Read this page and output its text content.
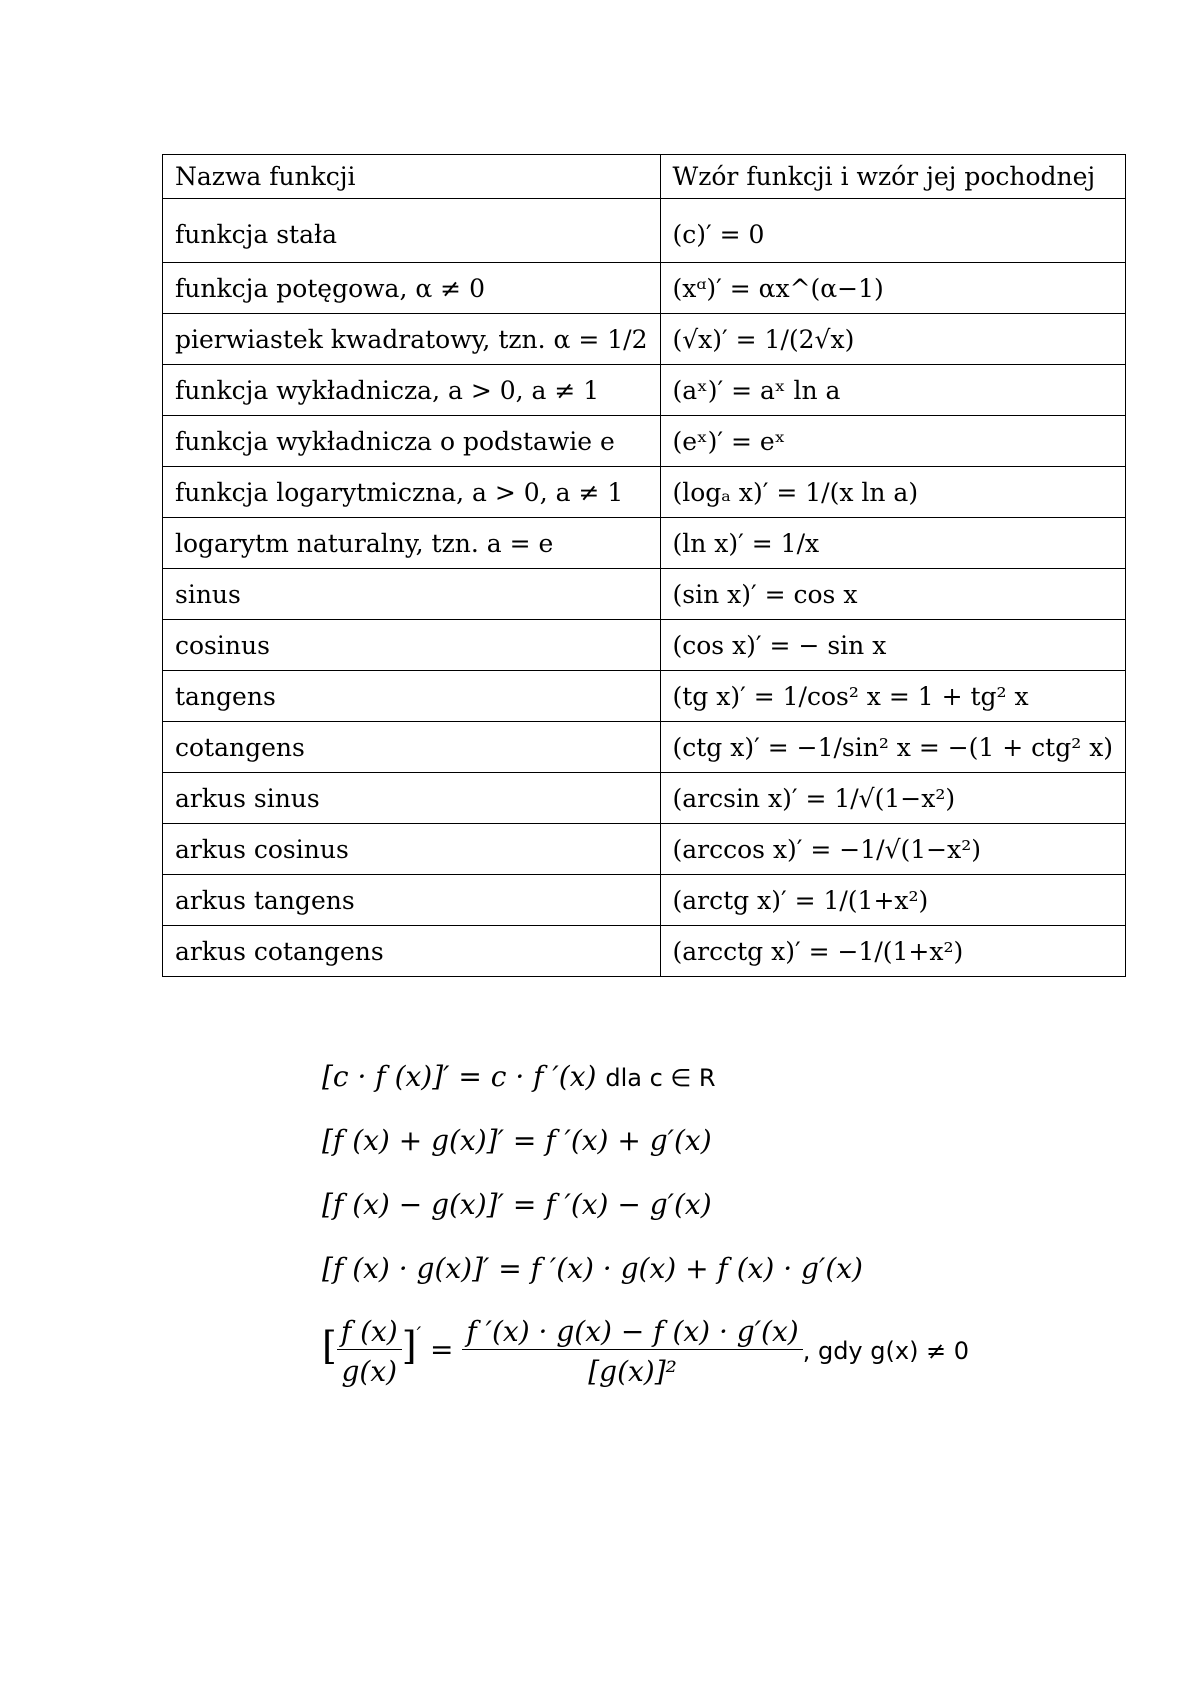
Nazwa funkcji	Wzór funkcji i wzór jej pochodnej
funkcja stała	(c)′ = 0
funkcja potęgowa, α ≠ 0	(xᵅ)′ = αx^(α−1)
pierwiastek kwadratowy, tzn. α = 1/2	(√x)′ = 1/(2√x)
funkcja wykładnicza, a > 0, a ≠ 1	(aˣ)′ = aˣ ln a
funkcja wykładnicza o podstawie e	(eˣ)′ = eˣ
funkcja logarytmiczna, a > 0, a ≠ 1	(logₐ x)′ = 1/(x ln a)
logarytm naturalny, tzn. a = e	(ln x)′ = 1/x
sinus	(sin x)′ = cos x
cosinus	(cos x)′ = − sin x
tangens	(tg x)′ = 1/cos² x = 1 + tg² x
cotangens	(ctg x)′ = −1/sin² x = −(1 + ctg² x)
arkus sinus	(arcsin x)′ = 1/√(1−x²)
arkus cosinus	(arccos x)′ = −1/√(1−x²)
arkus tangens	(arctg x)′ = 1/(1+x²)
arkus cotangens	(arcctg x)′ = −1/(1+x²)
[c · f (x)]′ = c · f ′(x) dla c ∈ R
[f (x) + g(x)]′ = f ′(x) + g′(x)
[f (x) − g(x)]′ = f ′(x) − g′(x)
[f (x) · g(x)]′ = f ′(x) · g(x) + f (x) · g′(x)
[ $\frac{f (x)}{g(x)} ]' = \frac{f '(x) \cdot g(x) - f (x) \cdot g'(x)}{\text{[g(x)]²}}$ , gdy g(x) ≠ 0
